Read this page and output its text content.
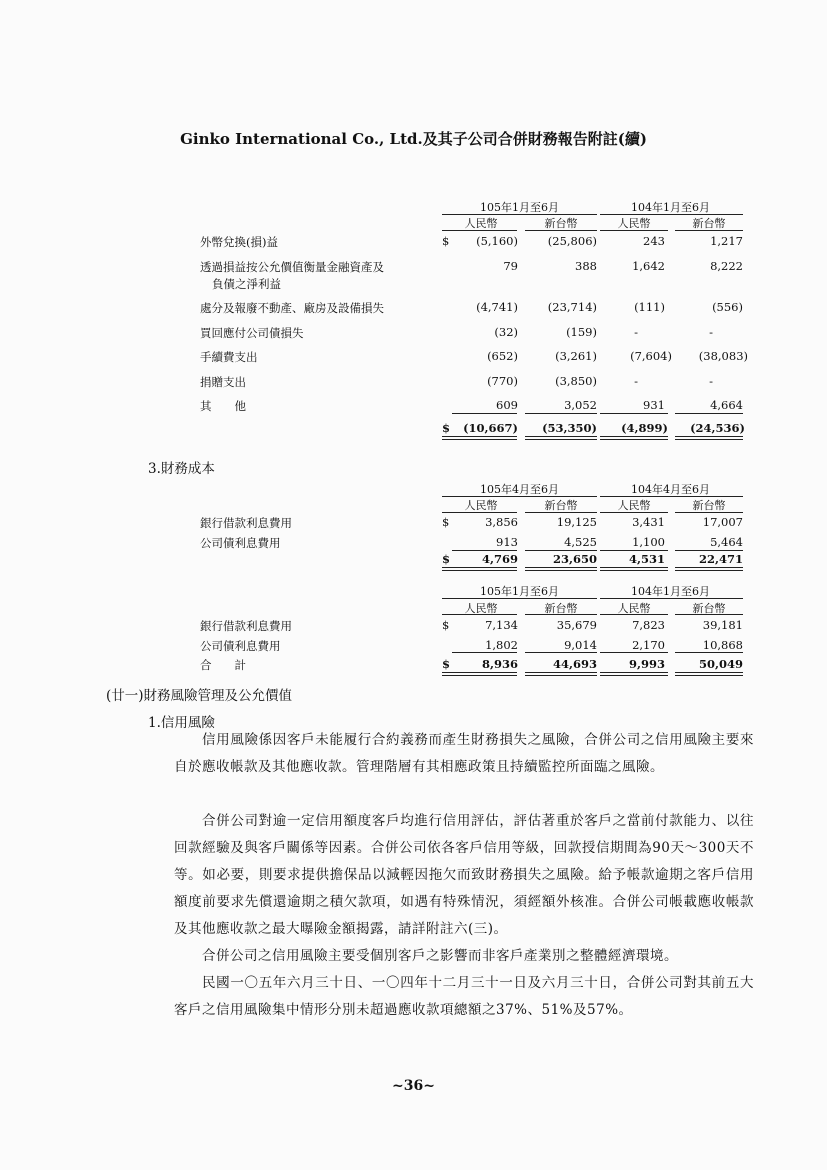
Ginko International Co., Ltd.及其子公司合併財務報告附註(續)
105年1月至6月	104年1月至6月
人民幣	新台幣	人民幣	新台幣
外幣兌換(損)益	$	(5,160)	(25,806)	243	1,217
透過損益按公允價值衡量金融資產及
負債之淨利益
79	388	1,642	8,222
處分及報廢不動產、廠房及設備損失	(4,741)	(23,714)	(111)	(556)
買回應付公司債損失	(32)	(159)	-	-
手續費支出	(652)	(3,261)	(7,604)	(38,083)
捐贈支出	(770)	(3,850)	-	-
其　　他	609	3,052	931	4,664
$	(10,667)	(53,350)	(4,899)	(24,536)
3.財務成本
105年4月至6月	104年4月至6月
人民幣	新台幣	人民幣	新台幣
銀行借款利息費用	$	3,856	19,125	3,431	17,007
公司債利息費用	913	4,525	1,100	5,464
$	4,769	23,650	4,531	22,471
105年1月至6月	104年1月至6月
人民幣	新台幣	人民幣	新台幣
銀行借款利息費用	$	7,134	35,679	7,823	39,181
公司債利息費用	1,802	9,014	2,170	10,868
合　　計	$	8,936	44,693	9,993	50,049
(廿一)財務風險管理及公允價值
1.信用風險
信用風險係因客戶未能履行合約義務而產生財務損失之風險，合併公司之信用風險主要來自於應收帳款及其他應收款。管理階層有其相應政策且持續監控所面臨之風險。
合併公司對逾一定信用額度客戶均進行信用評估，評估著重於客戶之當前付款能力、以往回款經驗及與客戶關係等因素。合併公司依各客戶信用等級，回款授信期間為90天～300天不等。如必要，則要求提供擔保品以減輕因拖欠而致財務損失之風險。給予帳款逾期之客戶信用額度前要求先償還逾期之積欠款項，如遇有特殊情況，須經額外核准。合併公司帳載應收帳款及其他應收款之最大曝險金額揭露，請詳附註六(三)。
合併公司之信用風險主要受個別客戶之影響而非客戶產業別之整體經濟環境。
民國一〇五年六月三十日、一〇四年十二月三十一日及六月三十日，合併公司對其前五大客戶之信用風險集中情形分別未超過應收款項總額之37%、51%及57%。
~36~
